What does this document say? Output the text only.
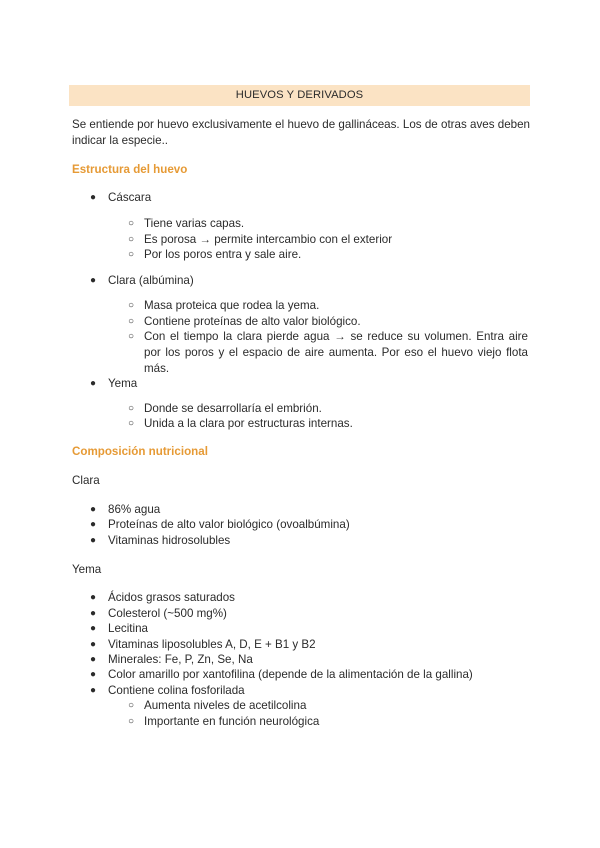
HUEVOS Y DERIVADOS
Se entiende por huevo exclusivamente el huevo de gallináceas. Los de otras aves deben indicar la especie..
Estructura del huevo
● Cáscara
○ Tiene varias capas.
○ Es porosa → permite intercambio con el exterior
○ Por los poros entra y sale aire.
● Clara (albúmina)
○ Masa proteica que rodea la yema.
○ Contiene proteínas de alto valor biológico.
○ Con el tiempo la clara pierde agua → se reduce su volumen. Entra aire por los poros y el espacio de aire aumenta. Por eso el huevo viejo flota más.
● Yema
○ Donde se desarrollaría el embrión.
○ Unida a la clara por estructuras internas.
Composición nutricional
Clara
● 86% agua
● Proteínas de alto valor biológico (ovoalbúmina)
● Vitaminas hidrosolubles
Yema
● Ácidos grasos saturados
● Colesterol (~500 mg%)
● Lecitina
● Vitaminas liposolubles A, D, E + B1 y B2
● Minerales: Fe, P, Zn, Se, Na
● Color amarillo por xantofilina (depende de la alimentación de la gallina)
● Contiene colina fosforilada
○ Aumenta niveles de acetilcolina
○ Importante en función neurológica
